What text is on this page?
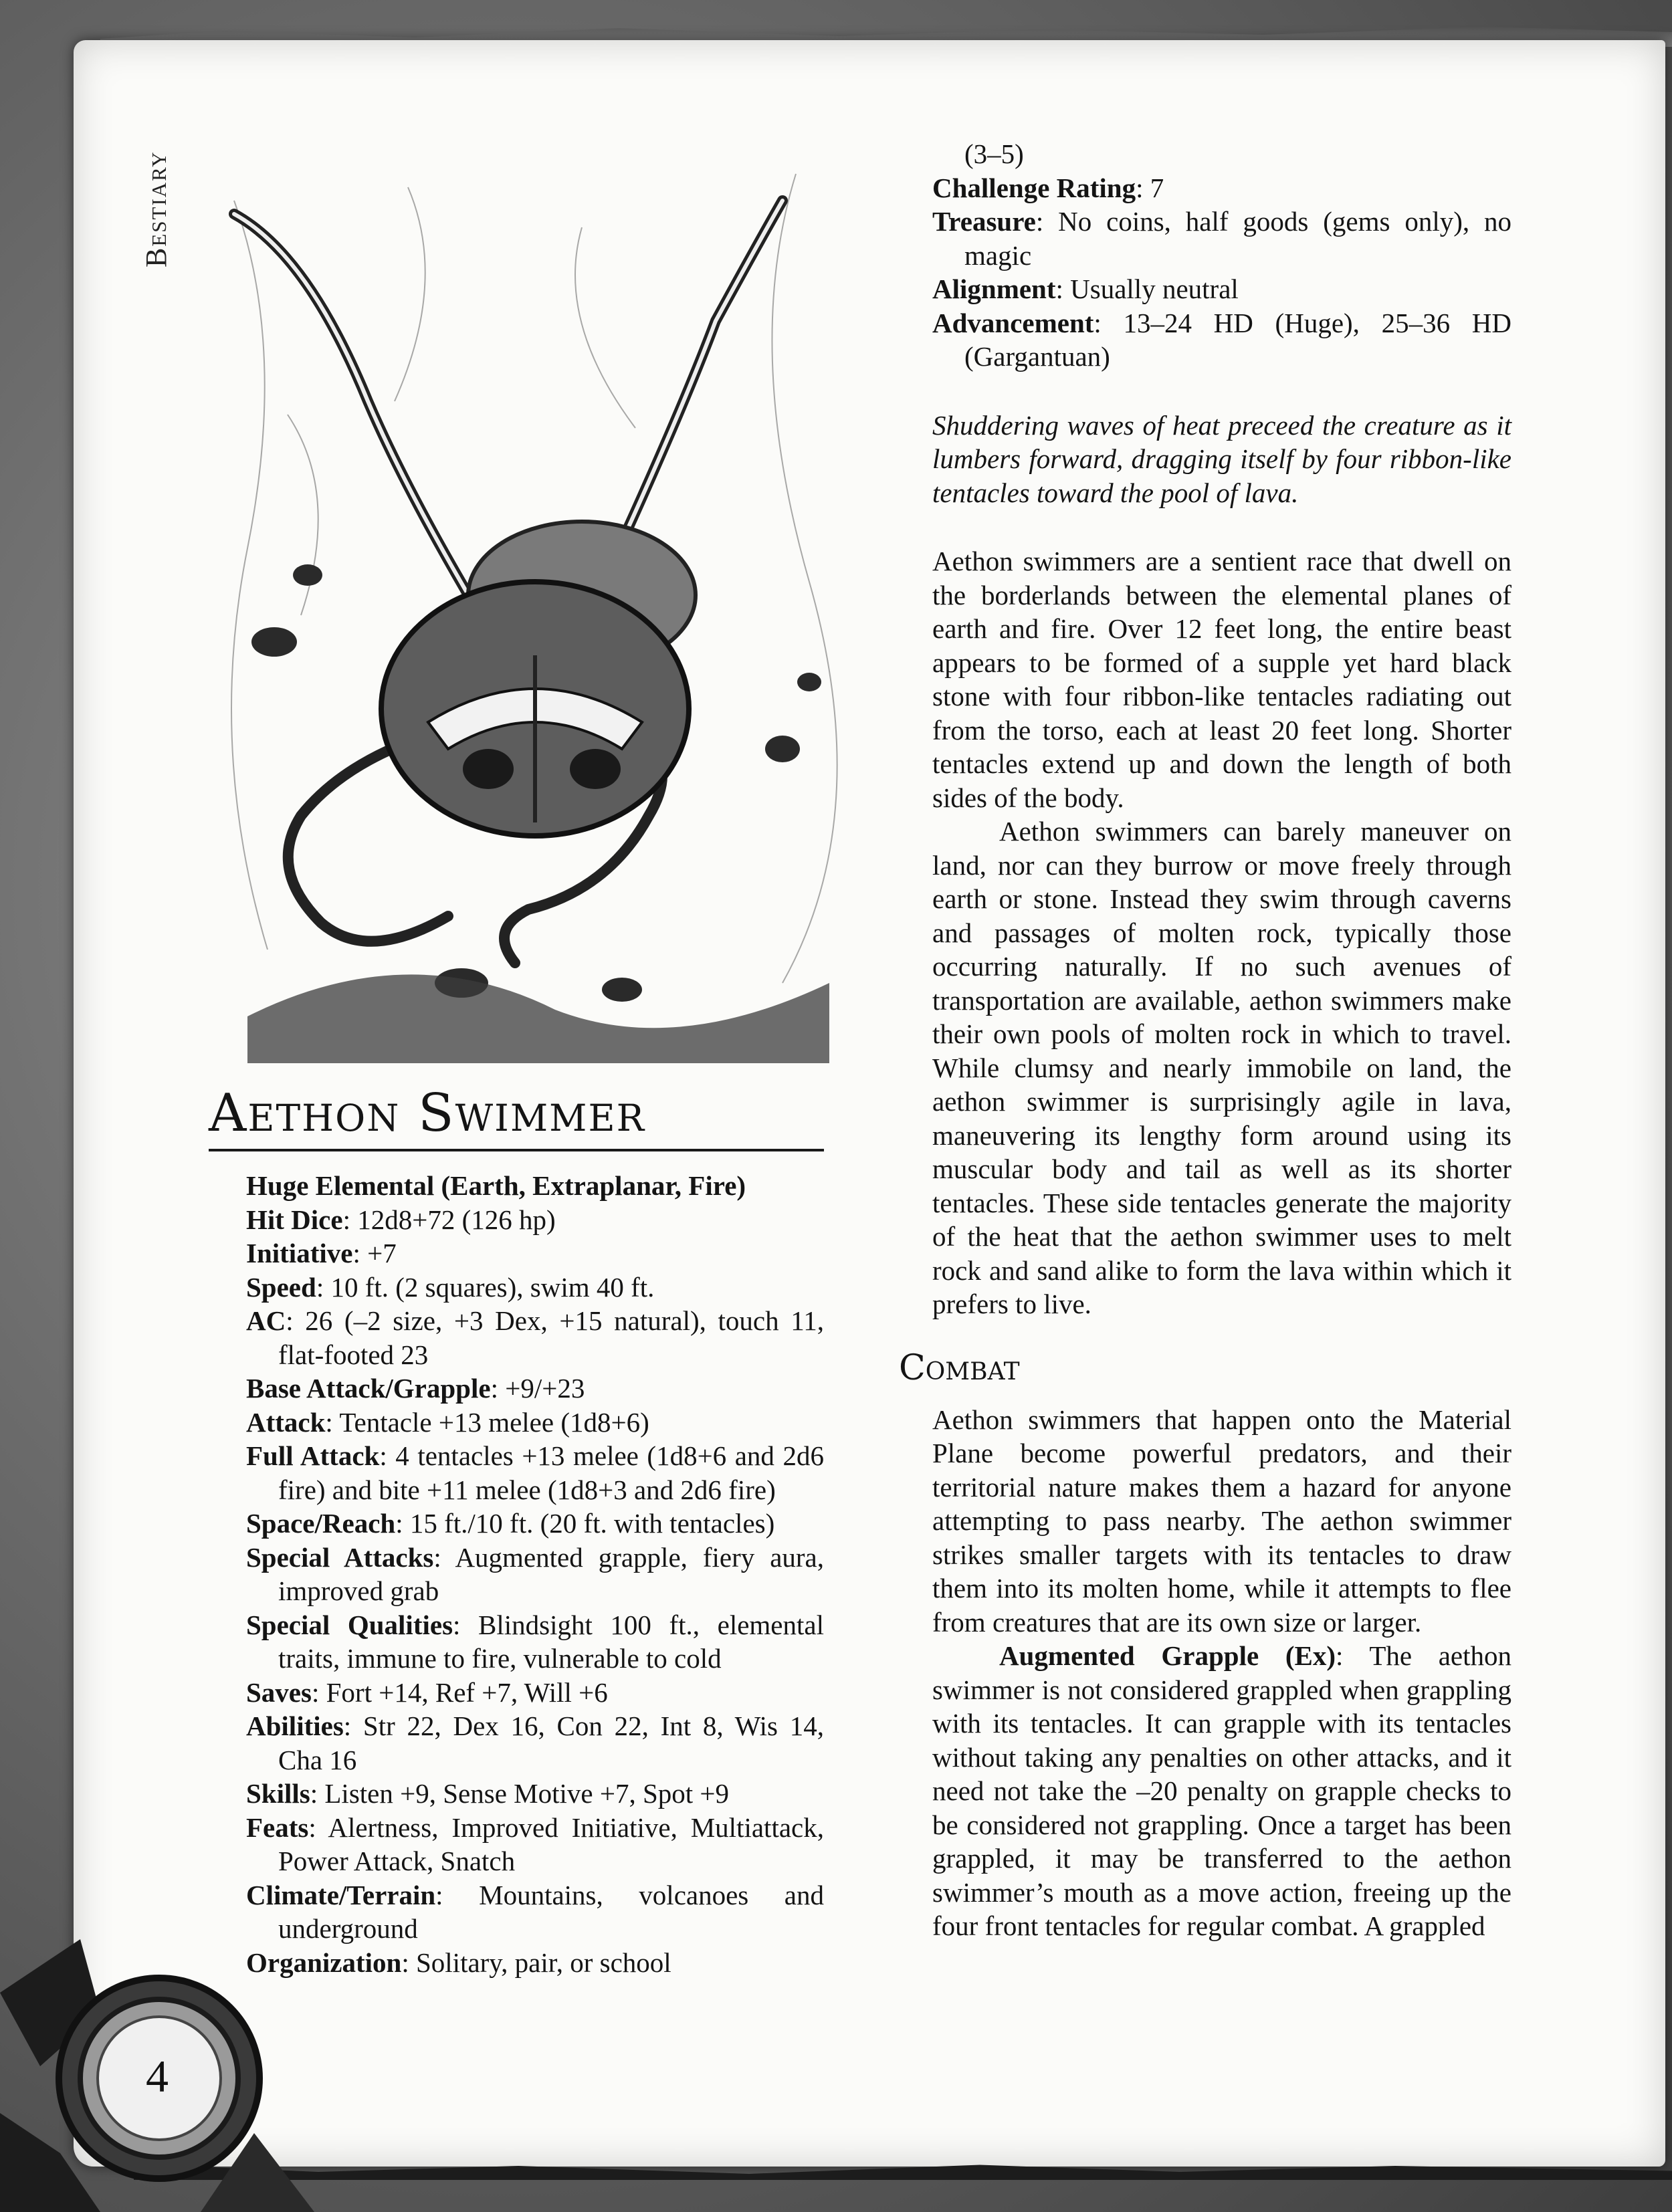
Bestiary
Aethon Swimmer
Huge Elemental (Earth, Extraplanar, Fire)
Hit Dice: 12d8+72 (126 hp)
Initiative: +7
Speed: 10 ft. (2 squares), swim 40 ft.
AC: 26 (–2 size, +3 Dex, +15 natural), touch 11, flat-footed 23
Base Attack/Grapple: +9/+23
Attack: Tentacle +13 melee (1d8+6)
Full Attack: 4 tentacles +13 melee (1d8+6 and 2d6 fire) and bite +11 melee (1d8+3 and 2d6 fire)
Space/Reach: 15 ft./10 ft. (20 ft. with tentacles)
Special Attacks: Augmented grapple, fiery aura, improved grab
Special Qualities: Blindsight 100 ft., elemental traits, immune to fire, vulnerable to cold
Saves: Fort +14, Ref +7, Will +6
Abilities: Str 22, Dex 16, Con 22, Int 8, Wis 14, Cha 16
Skills: Listen +9, Sense Motive +7, Spot +9
Feats: Alertness, Improved Initiative, Multiattack, Power Attack, Snatch
Climate/Terrain: Mountains, volcanoes and underground
Organization: Solitary, pair, or school
(3–5)
Challenge Rating: 7
Treasure: No coins, half goods (gems only), no magic
Alignment: Usually neutral
Advancement: 13–24 HD (Huge), 25–36 HD (Gargantuan)
Shuddering waves of heat preceed the creature as it lumbers forward, dragging itself by four ribbon-like tentacles toward the pool of lava.
Aethon swimmers are a sentient race that dwell on the borderlands between the elemental planes of earth and fire. Over 12 feet long, the entire beast appears to be formed of a supple yet hard black stone with four ribbon-like tentacles radiating out from the torso, each at least 20 feet long. Shorter tentacles extend up and down the length of both sides of the body.
Aethon swimmers can barely maneuver on land, nor can they burrow or move freely through earth or stone. Instead they swim through caverns and passages of molten rock, typically those occurring naturally. If no such avenues of transportation are available, aethon swimmers make their own pools of molten rock in which to travel. While clumsy and nearly immobile on land, the aethon swimmer is surprisingly agile in lava, maneuvering its lengthy form around using its muscular body and tail as well as its shorter tentacles. These side tentacles generate the majority of the heat that the aethon swimmer uses to melt rock and sand alike to form the lava within which it prefers to live.
Combat
Aethon swimmers that happen onto the Material Plane become powerful predators, and their territorial nature makes them a hazard for anyone attempting to pass nearby. The aethon swimmer strikes smaller targets with its tentacles to draw them into its molten home, while it attempts to flee from creatures that are its own size or larger.
Augmented Grapple (Ex): The aethon swimmer is not considered grappled when grappling with its tentacles. It can grapple with its tentacles without taking any penalties on other attacks, and it need not take the –20 penalty on grapple checks to be considered not grappling. Once a target has been grappled, it may be transferred to the aethon swimmer’s mouth as a move action, freeing up the four front tentacles for regular combat. A grappled
4
